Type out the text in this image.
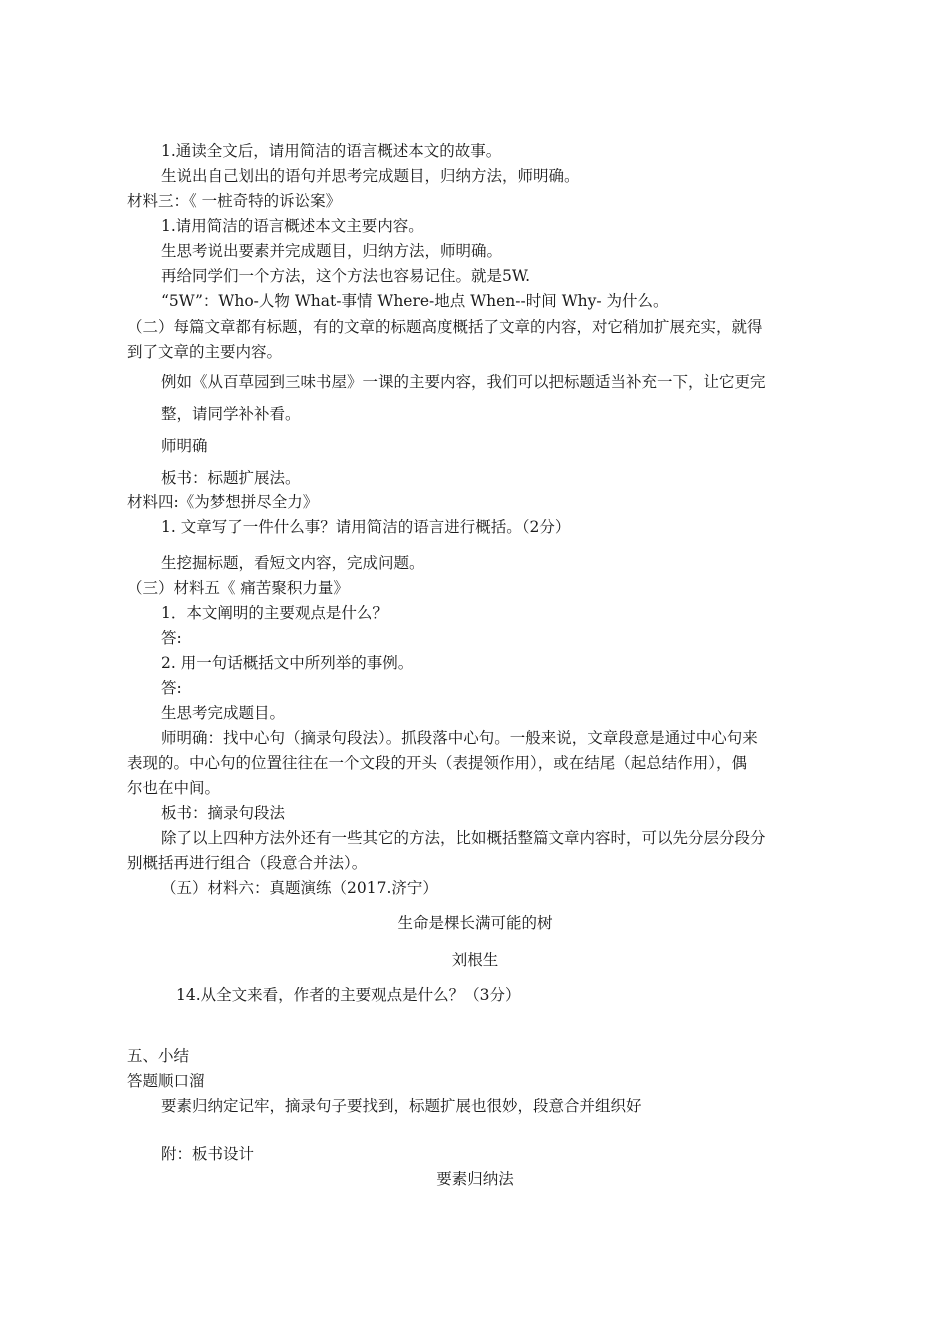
1.通读全文后，请用简洁的语言概述本文的故事。
生说出自己划出的语句并思考完成题目，归纳方法，师明确。
材料三：《 一桩奇特的诉讼案》
1.请用简洁的语言概述本文主要内容。
生思考说出要素并完成题目，归纳方法，师明确。
再给同学们一个方法，这个方法也容易记住。就是5W.
“5W”：Who-人物 What-事情 Where-地点 When--时间 Why- 为什么。
（二）每篇文章都有标题，有的文章的标题高度概括了文章的内容，对它稍加扩展充实，就得
到了文章的主要内容。
例如《从百草园到三味书屋》一课的主要内容，我们可以把标题适当补充一下，让它更完
整，请同学补补看。
师明确
板书：标题扩展法。
材料四:《为梦想拼尽全力》
1. 文章写了一件什么事？请用简洁的语言进行概括。（2分）
生挖掘标题，看短文内容，完成问题。
（三）材料五《 痛苦聚积力量》
1．本文阐明的主要观点是什么？
答:
2. 用一句话概括文中所列举的事例。
答:
生思考完成题目。
师明确：找中心句（摘录句段法）。抓段落中心句。一般来说，文章段意是通过中心句来
表现的。中心句的位置往往在一个文段的开头（表提领作用），或在结尾（起总结作用），偶
尔也在中间。
板书：摘录句段法
除了以上四种方法外还有一些其它的方法，比如概括整篇文章内容时，可以先分层分段分
别概括再进行组合（段意合并法）。
（五）材料六：真题演练（2017.济宁）
生命是棵长满可能的树
刘根生
14.从全文来看，作者的主要观点是什么？（3分）
五、小结
答题顺口溜
要素归纳定记牢，摘录句子要找到，标题扩展也很妙，段意合并组织好
附：板书设计
要素归纳法
